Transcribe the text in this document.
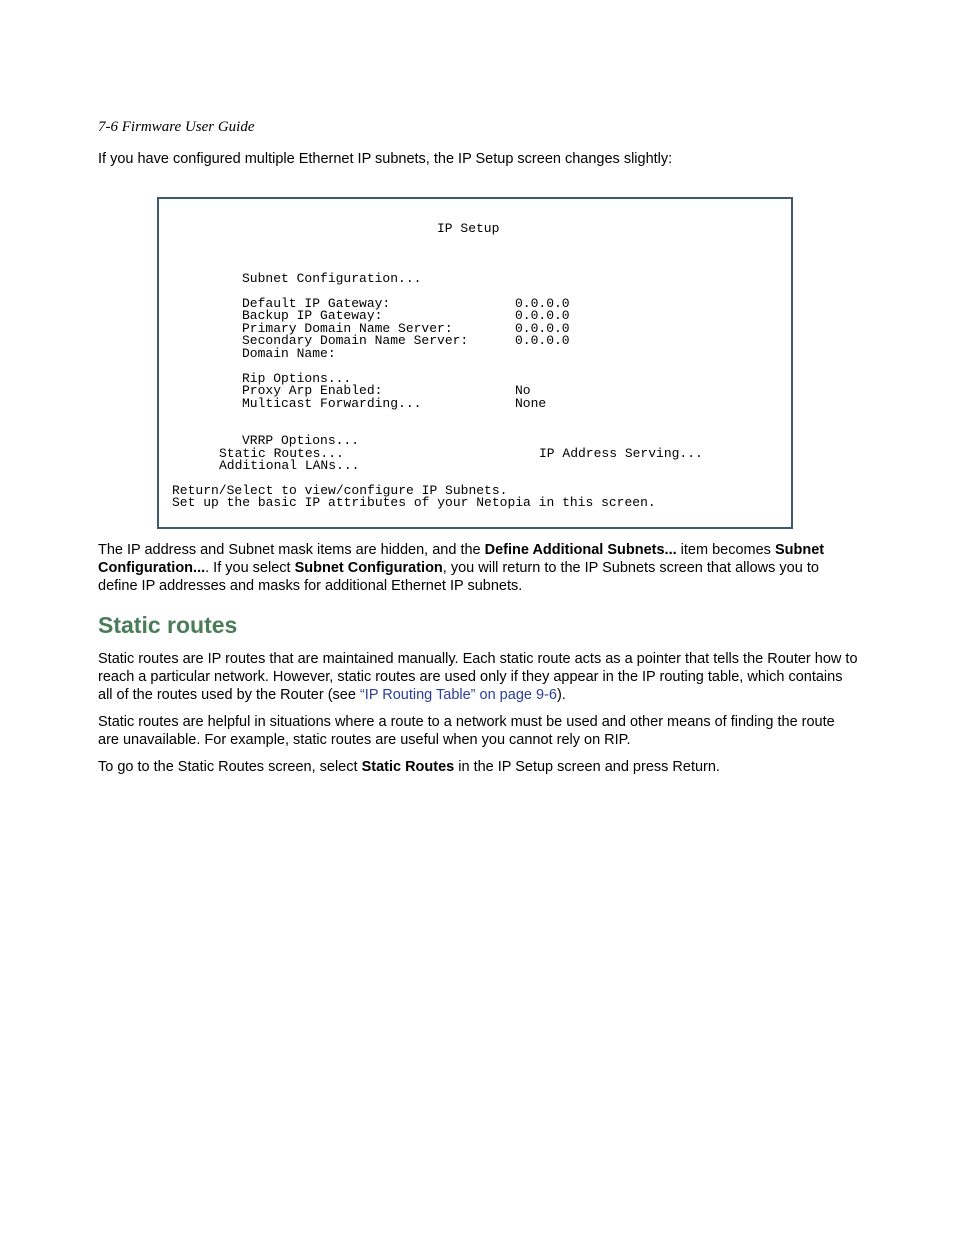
7-6 Firmware User Guide

If you have configured multiple Ethernet IP subnets, the IP Setup screen changes slightly:

IP Setup
Subnet Configuration...
Default IP Gateway:	0.0.0.0
Backup IP Gateway:	0.0.0.0
Primary Domain Name Server:	0.0.0.0
Secondary Domain Name Server:	0.0.0.0
Domain Name:
Rip Options...
Proxy Arp Enabled:	No
Multicast Forwarding...	None
VRRP Options...
Static Routes...	IP Address Serving...
Additional LANs...
Return/Select to view/configure IP Subnets.
Set up the basic IP attributes of your Netopia in this screen.

The IP address and Subnet mask items are hidden, and the Define Additional Subnets... item becomes Subnet Configuration.... If you select Subnet Configuration, you will return to the IP Subnets screen that allows you to define IP addresses and masks for additional Ethernet IP subnets.

Static routes

Static routes are IP routes that are maintained manually. Each static route acts as a pointer that tells the Router how to reach a particular network. However, static routes are used only if they appear in the IP routing table, which contains all of the routes used by the Router (see “IP Routing Table” on page 9-6).

Static routes are helpful in situations where a route to a network must be used and other means of finding the route are unavailable. For example, static routes are useful when you cannot rely on RIP.

To go to the Static Routes screen, select Static Routes in the IP Setup screen and press Return.
